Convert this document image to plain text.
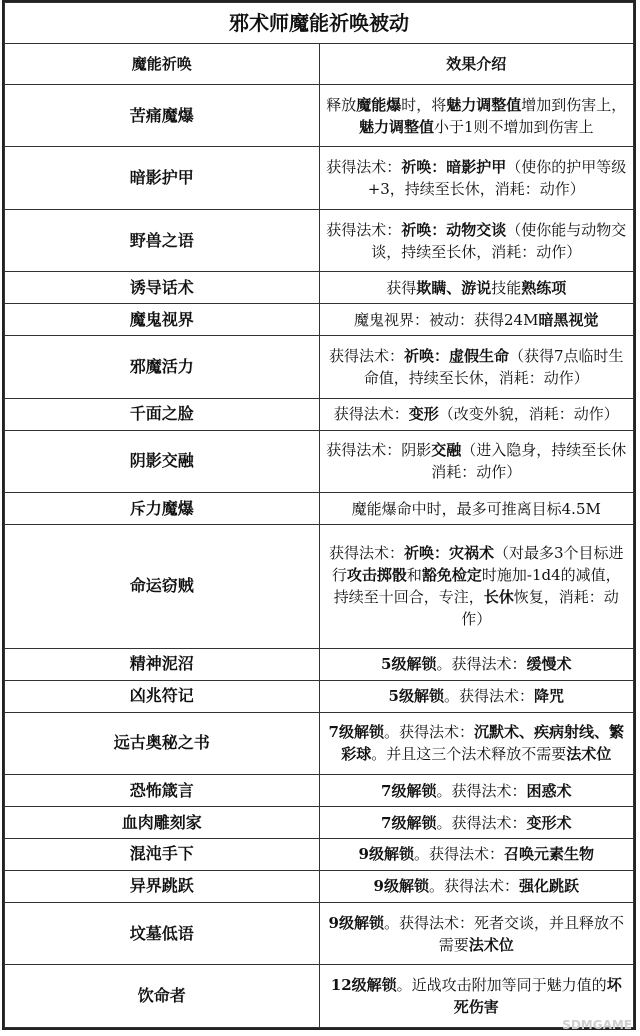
邪术师魔能祈唤被动	
魔能祈唤	效果介绍
苦痛魔爆	释放魔能爆时，将魅力调整值增加到伤害上，魅力调整值小于1则不增加到伤害上
暗影护甲	获得法术：祈唤：暗影护甲（使你的护甲等级+3，持续至长休，消耗：动作）
野兽之语	获得法术：祈唤：动物交谈（使你能与动物交谈，持续至长休，消耗：动作）
诱导话术	获得欺瞒、游说技能熟练项
魔鬼视界	魔鬼视界：被动：获得24M暗黑视觉
邪魔活力	获得法术：祈唤：虚假生命（获得7点临时生命值，持续至长休，消耗：动作）
千面之脸	获得法术：变形（改变外貌，消耗：动作）
阴影交融	获得法术：阴影交融（进入隐身，持续至长休消耗：动作）
斥力魔爆	魔能爆命中时，最多可推离目标4.5M
命运窃贼	获得法术：祈唤：灾祸术（对最多3个目标进行攻击掷骰和豁免检定时施加-1d4的减值，持续至十回合，专注，长休恢复，消耗：动作）
精神泥沼	5级解锁。获得法术：缓慢术
凶兆符记	5级解锁。获得法术：降咒
远古奥秘之书	7级解锁。获得法术：沉默术、疾病射线、繁彩球。并且这三个法术释放不需要法术位
恐怖箴言	7级解锁。获得法术：困惑术
血肉雕刻家	7级解锁。获得法术：变形术
混沌手下	9级解锁。获得法术：召唤元素生物
异界跳跃	9级解锁。获得法术：强化跳跃
坟墓低语	9级解锁。获得法术：死者交谈，并且释放不需要法术位
饮命者	12级解锁。近战攻击附加等同于魅力值的坏死伤害
SDMGAME
